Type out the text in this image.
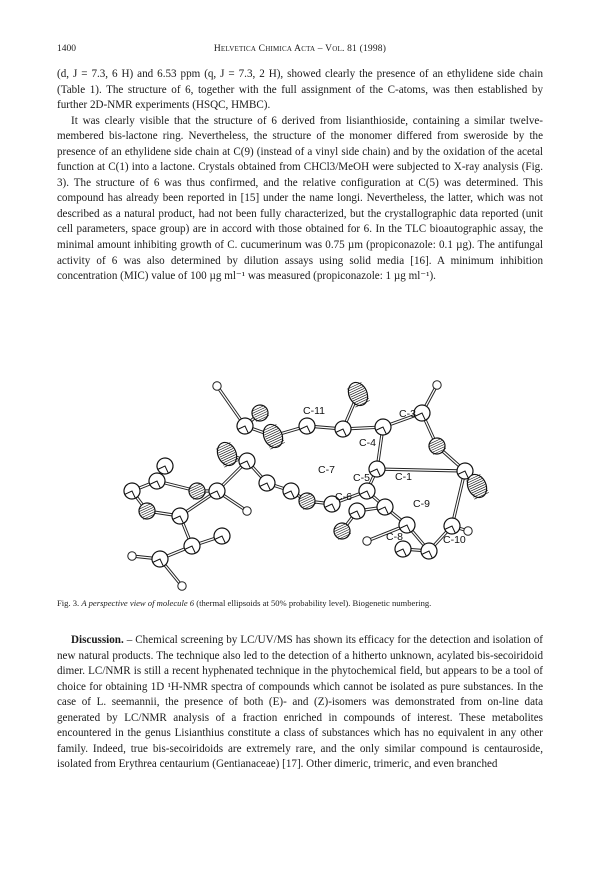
1400	Helvetica Chimica Acta – Vol. 81 (1998)

(d, J = 7.3, 6 H) and 6.53 ppm (q, J = 7.3, 2 H), showed clearly the presence of an ethylidene side chain (Table 1). The structure of 6, together with the full assignment of the C-atoms, was then established by further 2D-NMR experiments (HSQC, HMBC).

It was clearly visible that the structure of 6 derived from lisianthioside, containing a similar twelve-membered bis-lactone ring. Nevertheless, the structure of the monomer differed from sweroside by the presence of an ethylidene side chain at C(9) (instead of a vinyl side chain) and by the oxidation of the acetal function at C(1) into a lactone. Crystals obtained from CHCl3/MeOH were subjected to X-ray analysis (Fig. 3). The structure of 6 was thus confirmed, and the relative configuration at C(5) was determined. This compound has already been reported in [15] under the name longi. Nevertheless, the latter, which was not described as a natural product, had not been fully characterized, but the crystallographic data reported (unit cell parameters, space group) are in accord with those obtained for 6. In the TLC bioautographic assay, the minimal amount inhibiting growth of C. cucumerinum was 0.75 µm (propiconazole: 0.1 µg). The antifungal activity of 6 was also determined by dilution assays using solid media [16]. A minimum inhibition concentration (MIC) value of 100 µg ml⁻¹ was measured (propiconazole: 1 µg ml⁻¹).

C-11	C-3
C-4
C-7
C-5 C-1
C-6
C-9
C-8	C-10
Fig. 3. A perspective view of molecule 6 (thermal ellipsoids at 50% probability level). Biogenetic numbering.

Discussion. – Chemical screening by LC/UV/MS has shown its efficacy for the detection and isolation of new natural products. The technique also led to the detection of a hitherto unknown, acylated bis-secoiridoid dimer. LC/NMR is still a recent hyphenated technique in the phytochemical field, but appears to be a tool of choice for obtaining 1D ¹H-NMR spectra of compounds which cannot be isolated as pure substances. In the case of L. seemannii, the presence of both (E)- and (Z)-isomers was demonstrated from on-line data generated by LC/NMR analysis of a fraction enriched in compounds of interest. These metabolites encountered in the genus Lisianthius constitute a class of substances which has no equivalent in any other family. Indeed, true bis-secoiridoids are extremely rare, and the only similar compound is centauroside, isolated from Erythrea centaurium (Gentianaceae) [17]. Other dimeric, trimeric, and even branched
